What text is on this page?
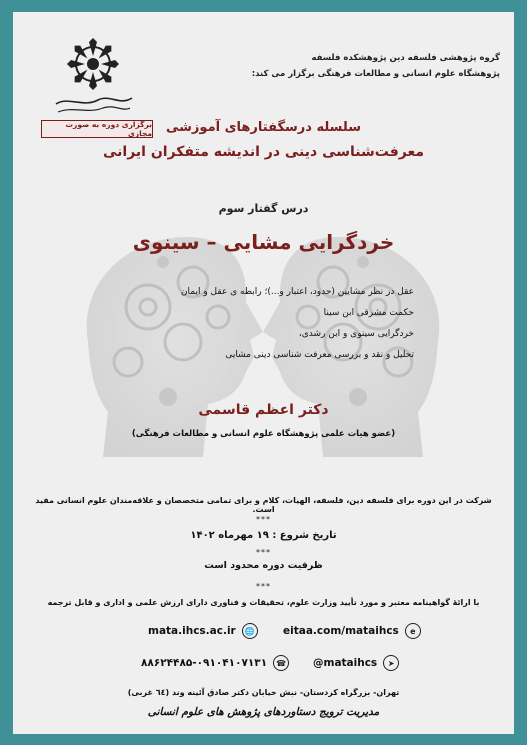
گروه پژوهشی فلسفه دین پژوهشکده فلسفه
پژوهشگاه علوم انسانی و مطالعات فرهنگی برگزار می کند:
برگزاری دوره به صورت مجازی	سلسله درسگفتارهای آموزشی
معرفت‌شناسی دینی در اندیشه متفکران ایرانی
درس گفتار سوم
خردگرایی مشایی – سینوی
عقل در نظر مشایین (حدود، اعتبار و...)؛ رابطه ی عقل و ایمان
حکمت مشرقی ابن سینا
خردگرایی سینوی و ابن رشدی،
تحلیل و نقد و بررسی معرفت شناسی دینی مشایی
دکتر اعظم قاسمی
(عضو هیات علمی پژوهشگاه علوم انسانی و مطالعات فرهنگی)
شرکت در این دوره برای فلسفه دین، فلسفه، الهیات، کلام و برای تمامی متخصصان و علاقه‌مندان علوم انسانی مفید است.
***
تاریخ شروع : ۱۹ مهرماه ۱۴۰۲
***
ظرفیت دوره محدود است
***
با ارائهٔ گواهینامه معتبر و مورد تأیید وزارت علوم، تحقیقات و فناوری دارای ارزش علمی و اداری و قابل ترجمه
eitaa.com/mataihcs	e
mata.ihcs.ac.ir	🌐
@mataihcs	➤
۸۸۶۲۴۴۸۵-۰۹۱۰۴۱۰۷۱۳۱	☎
تهران- بزرگراه کردستان- نبش خیابان دکتر صادق آئینه وند (٦٤ غربی)
مدیریت ترویج دستاوردهای پژوهش های علوم انسانی
